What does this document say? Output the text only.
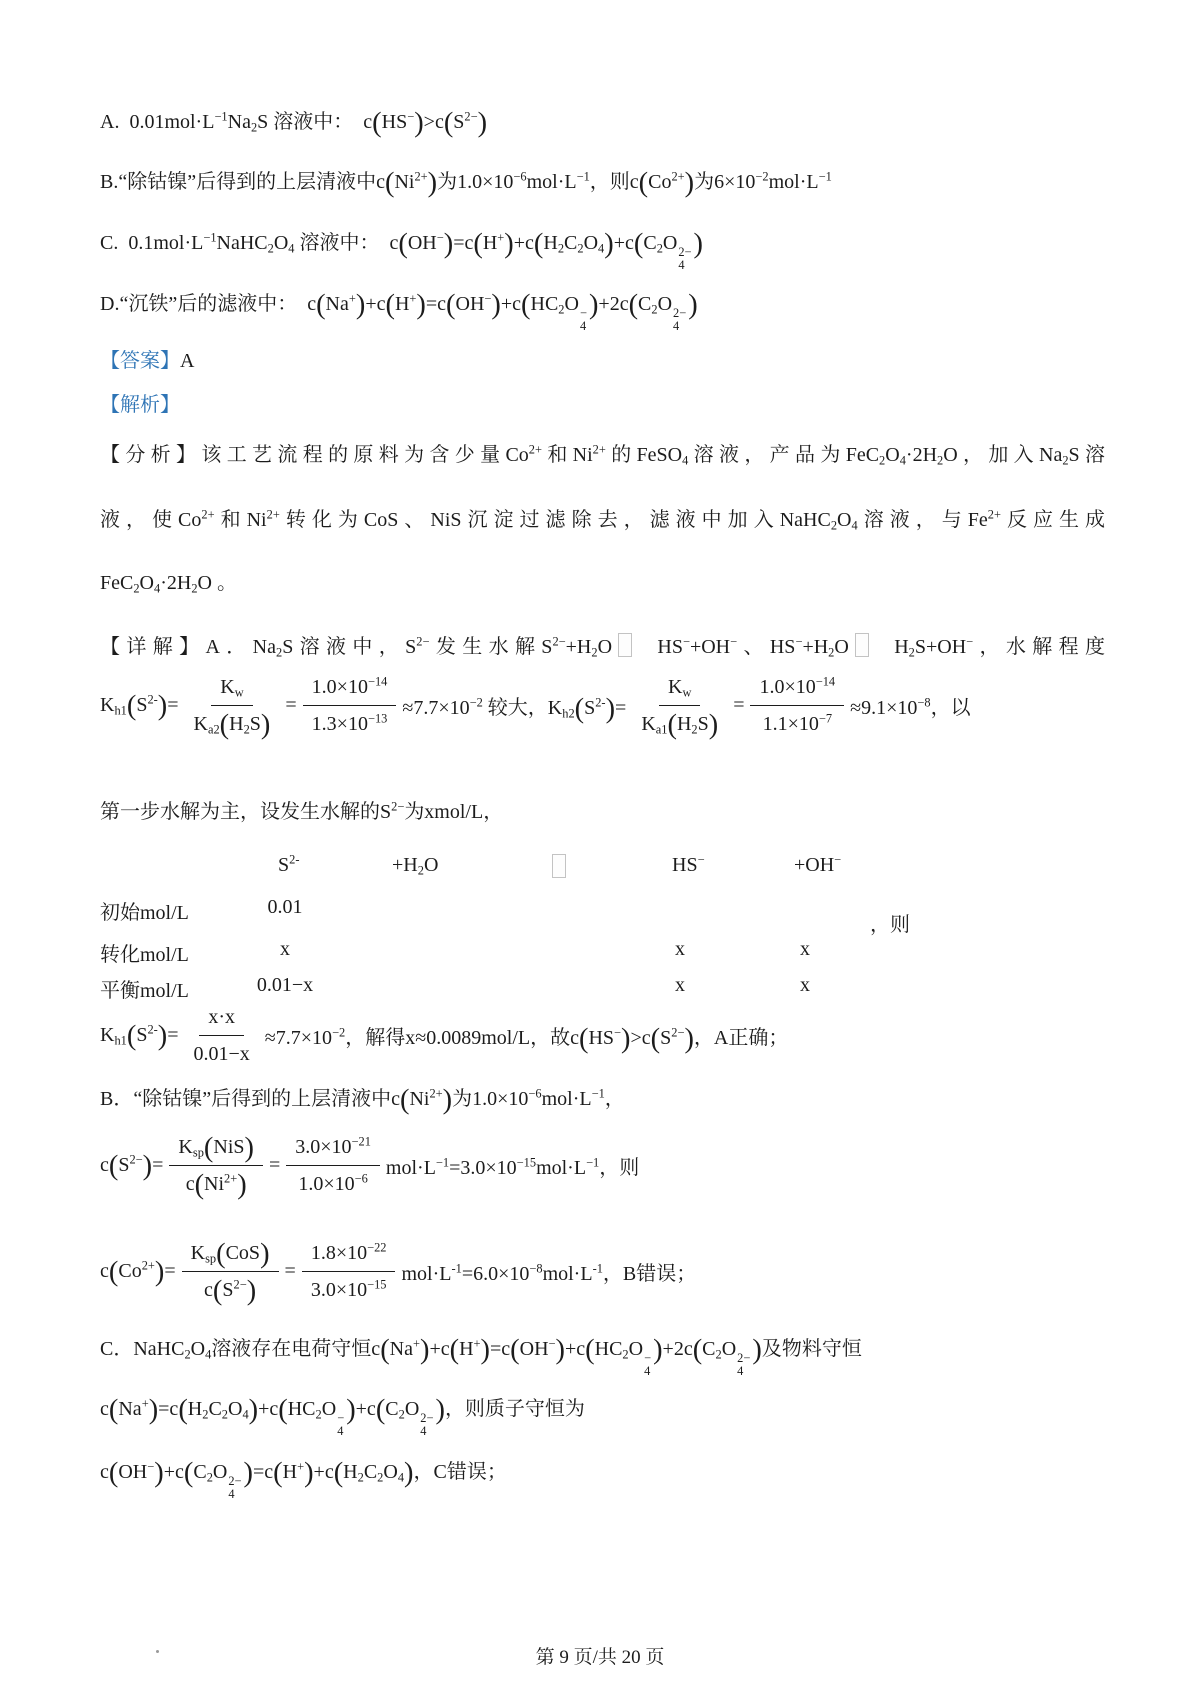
A.  $0.01mol\cdot L^{-1}Na_2S$ 溶液中：  $c(HS^-)>c(S^{2-})$
B.“除钴镍”后得到的上层清液中$c(Ni^{2+})$为$1.0\times 10^{-6}mol\cdot L^{-1}$，则$c(Co^{2+})$为$6\times 10^{-2}mol\cdot L^{-1}$
C.  $0.1mol\cdot L^{-1}NaHC_2O_4$ 溶液中：  $c(OH^-)=c(H^+)+c(H_2C_2O_4)+c(C_2O$ 2−
4
)
D.“沉铁”后的滤液中：  $c(Na^+)+c(H^+)=c(OH^-)+c(HC_2O$ −
4
)$+2c(C_2O$ 2−
4
)
【答案】A
【解析】
【分析】该工艺流程的原料为含少量$Co^{2+}$和$Ni^{2+}$的FeSO$_4$溶液，产品为$FeC_2O_4\cdot 2H_2O$，加入$Na_2S$溶
液，使$Co^{2+}$和$Ni^{2+}$转化为CoS、NiS沉淀过滤除去，滤液中加入$NaHC_2O_4$溶液，与$Fe^{2+}$反应生成
$FeC_2O_4\cdot 2H_2O$ 。
【详解】A．$Na_2S$溶液中，$S^{2-}$发生水解$S^{2-}+H_2O$ HS−+OH−、$HS^-+H_2O$ $H_2S+OH^-$，水解程度
$K_{h1}(S^{2-})= \frac{K_w}{K_{a2}(H_2S)} = \frac{1.0\times 10^{-14}}{1.3\times 10^{-13}} \approx 7.7\times 10^{-2}$ 较大，$K_{h2}(S^{2-})= \frac{K_w}{K_{a1}(H_2S)} = \frac{1.0\times 10^{-14}}{1.1\times 10^{-7}} \approx 9.1\times 10^{-8}$，以
第一步水解为主，设发生水解的$S^{2-}$为xmol/L，
$S^{2-}$	$+H_2O$	HS−	+OH−
初始mol/L	0.01
转化mol/L	x	x	x
平衡mol/L	0.01−x	x	x
，则
$K_{h1}(S^{2-})= \frac{x\cdot x}{0.01-x} \approx 7.7\times 10^{-2}$，解得x≈0.0089mol/L，故$c(HS^-)>c(S^{2-})$，A正确；
B．“除钴镍”后得到的上层清液中$c(Ni^{2+})$为$1.0\times 10^{-6}mol\cdot L^{-1}$，
$c(S^{2-})= \frac{K_{sp}(NiS)}{c(Ni^{2+})} = \frac{3.0\times 10^{-21}}{1.0\times 10^{-6}} mol\cdot L^{-1}=3.0\times 10^{-15}mol\cdot L^{-1}$，则
$c(Co^{2+})= \frac{K_{sp}(CoS)}{c(S^{2-})} = \frac{1.8\times 10^{-22}}{3.0\times 10^{-15}} mol\cdot L^{-1}=6.0\times 10^{-8}mol\cdot L^{-1}$，B错误；
C．$NaHC_2O_4$溶液存在电荷守恒$c(Na^+)+c(H^+)=c(OH^-)+c(HC_2O$ −
4
)$+2c(C_2O$ 2−
4
)及物料守恒
$c(Na^+)=c(H_2C_2O_4)+c(HC_2O$ −
4
)$+c(C_2O$ 2−
4
)，则质子守恒为
$c(OH^-)+c(C_2O$ 2−
4
)$=c(H^+)+c(H_2C_2O_4)$，C错误；
第 9 页/共 20 页
